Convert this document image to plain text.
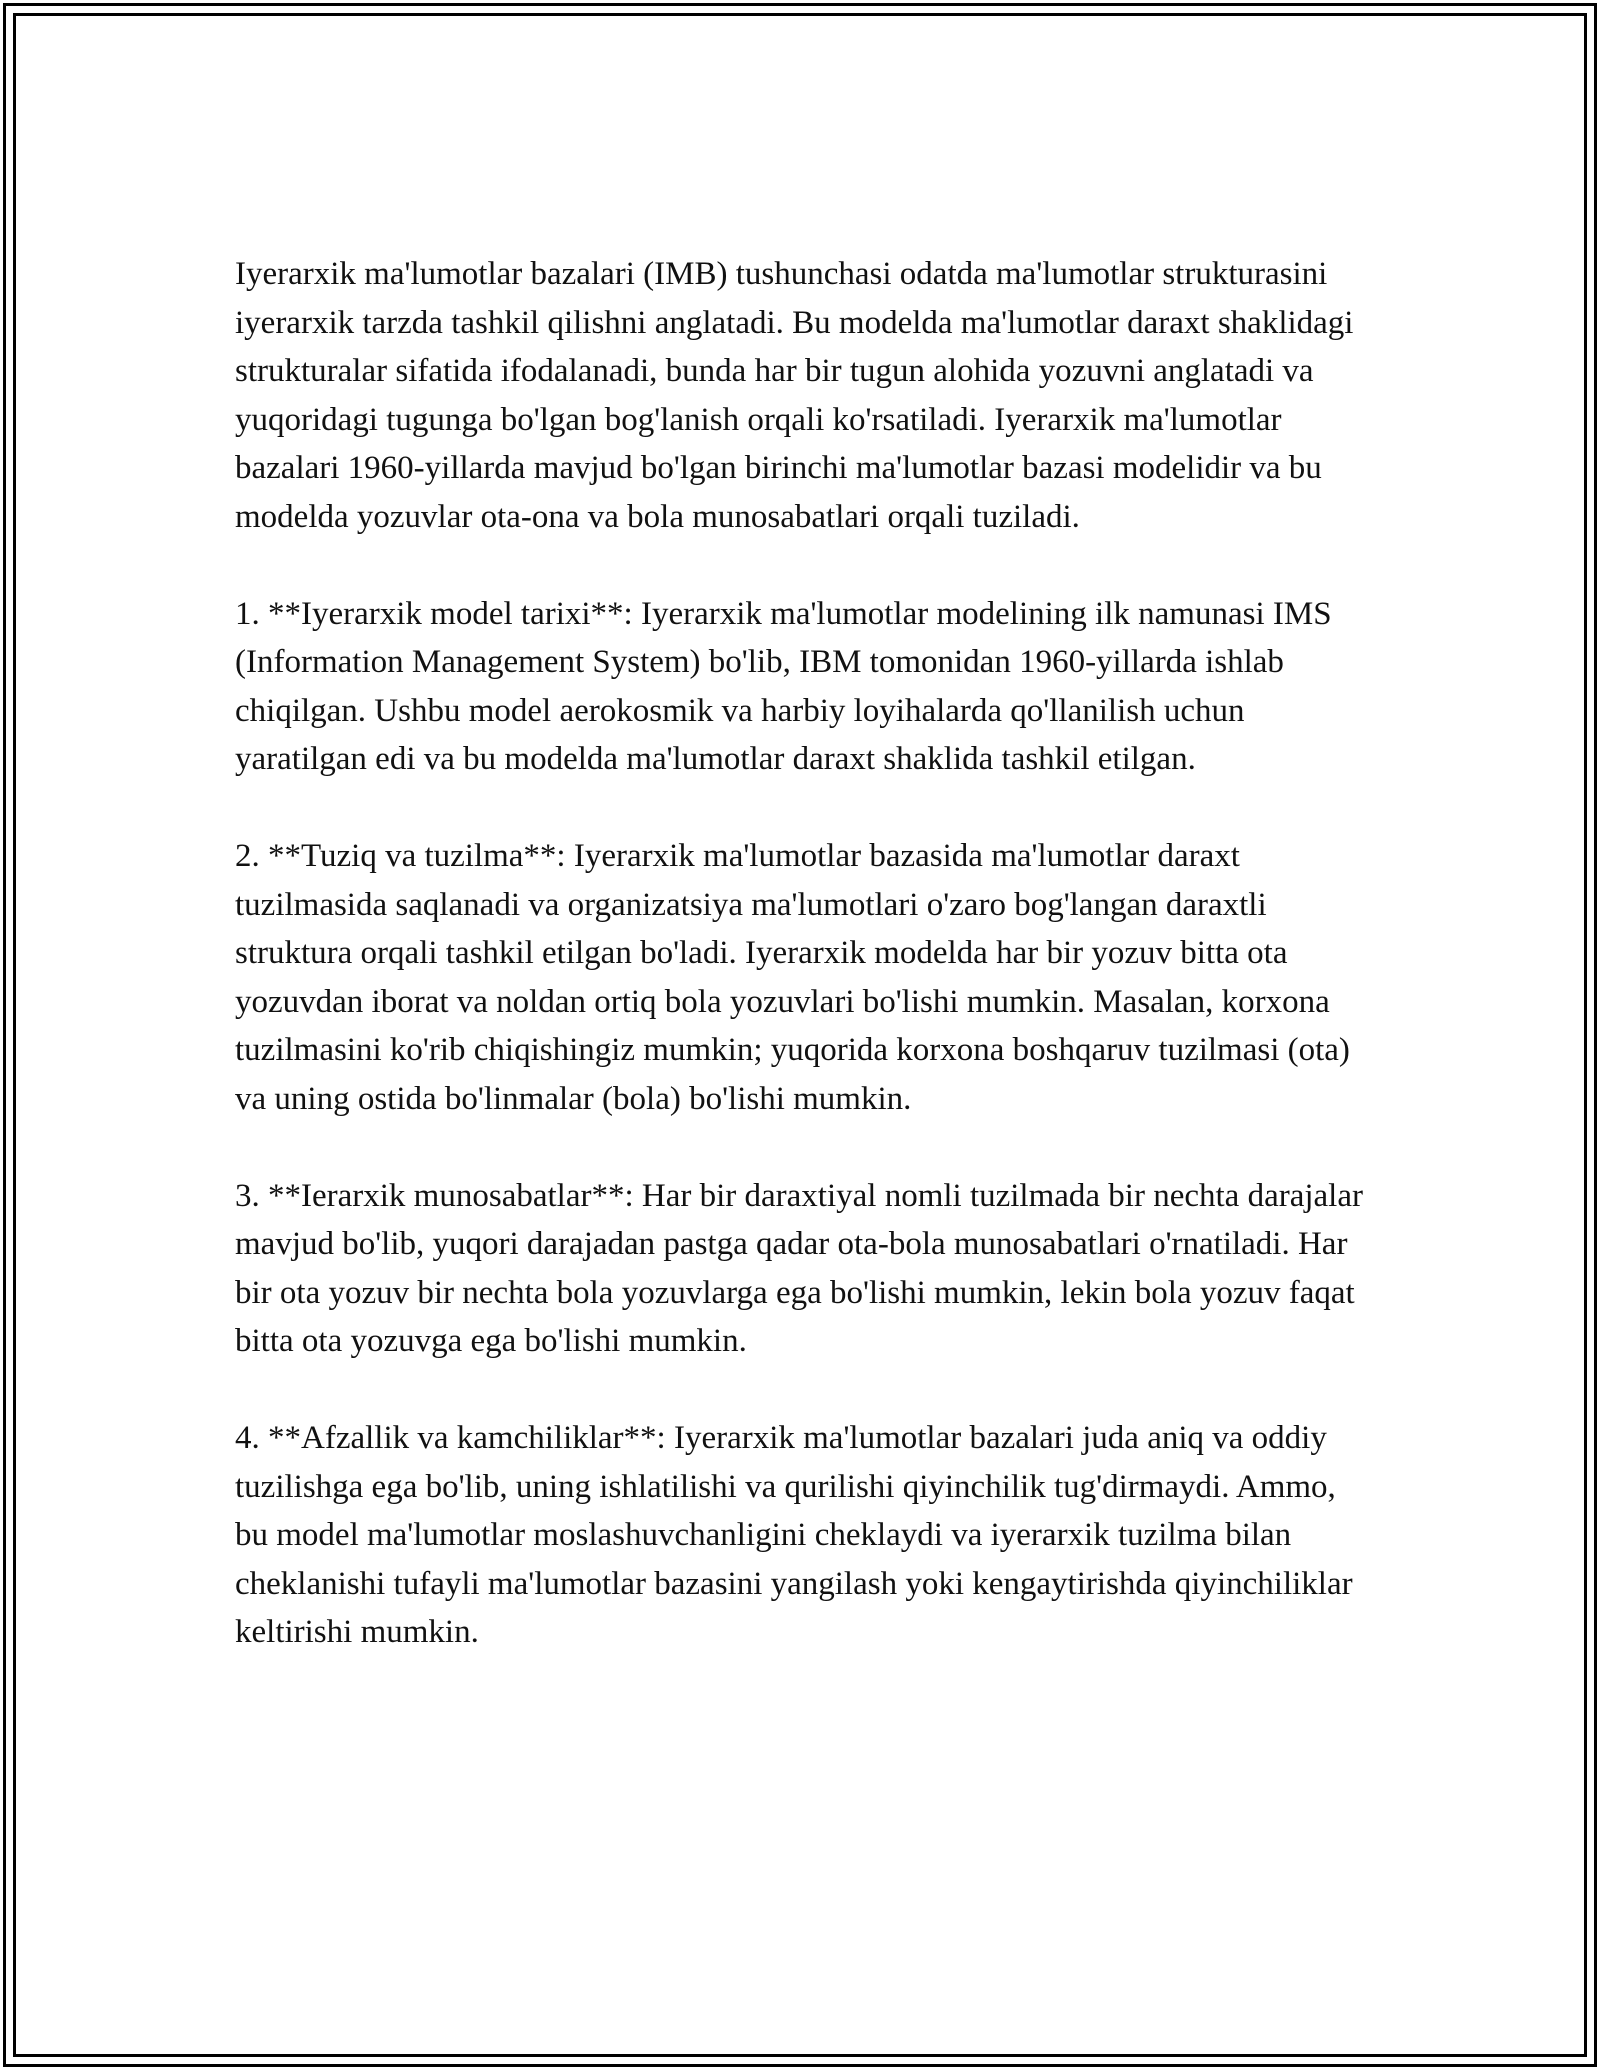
Iyerarxik ma'lumotlar bazalari (IMB) tushunchasi odatda ma'lumotlar strukturasini iyerarxik tarzda tashkil qilishni anglatadi. Bu modelda ma'lumotlar daraxt shaklidagi strukturalar sifatida ifodalanadi, bunda har bir tugun alohida yozuvni anglatadi va yuqoridagi tugunga bo'lgan bog'lanish orqali ko'rsatiladi. Iyerarxik ma'lumotlar bazalari 1960-yillarda mavjud bo'lgan birinchi ma'lumotlar bazasi modelidir va bu modelda yozuvlar ota-ona va bola munosabatlari orqali tuziladi.

1. **Iyerarxik model tarixi**: Iyerarxik ma'lumotlar modelining ilk namunasi IMS (Information Management System) bo'lib, IBM tomonidan 1960-yillarda ishlab chiqilgan. Ushbu model aerokosmik va harbiy loyihalarda qo'llanilish uchun yaratilgan edi va bu modelda ma'lumotlar daraxt shaklida tashkil etilgan.

2. **Tuziq va tuzilma**: Iyerarxik ma'lumotlar bazasida ma'lumotlar daraxt tuzilmasida saqlanadi va organizatsiya ma'lumotlari o'zaro bog'langan daraxtli struktura orqali tashkil etilgan bo'ladi. Iyerarxik modelda har bir yozuv bitta ota yozuvdan iborat va noldan ortiq bola yozuvlari bo'lishi mumkin. Masalan, korxona tuzilmasini ko'rib chiqishingiz mumkin; yuqorida korxona boshqaruv tuzilmasi (ota) va uning ostida bo'linmalar (bola) bo'lishi mumkin.

3. **Ierarxik munosabatlar**: Har bir daraxtiyal nomli tuzilmada bir nechta darajalar mavjud bo'lib, yuqori darajadan pastga qadar ota-bola munosabatlari o'rnatiladi. Har bir ota yozuv bir nechta bola yozuvlarga ega bo'lishi mumkin, lekin bola yozuv faqat bitta ota yozuvga ega bo'lishi mumkin.

4. **Afzallik va kamchiliklar**: Iyerarxik ma'lumotlar bazalari juda aniq va oddiy tuzilishga ega bo'lib, uning ishlatilishi va qurilishi qiyinchilik tug'dirmaydi. Ammo, bu model ma'lumotlar moslashuvchanligini cheklaydi va iyerarxik tuzilma bilan cheklanishi tufayli ma'lumotlar bazasini yangilash yoki kengaytirishda qiyinchiliklar keltirishi mumkin.
